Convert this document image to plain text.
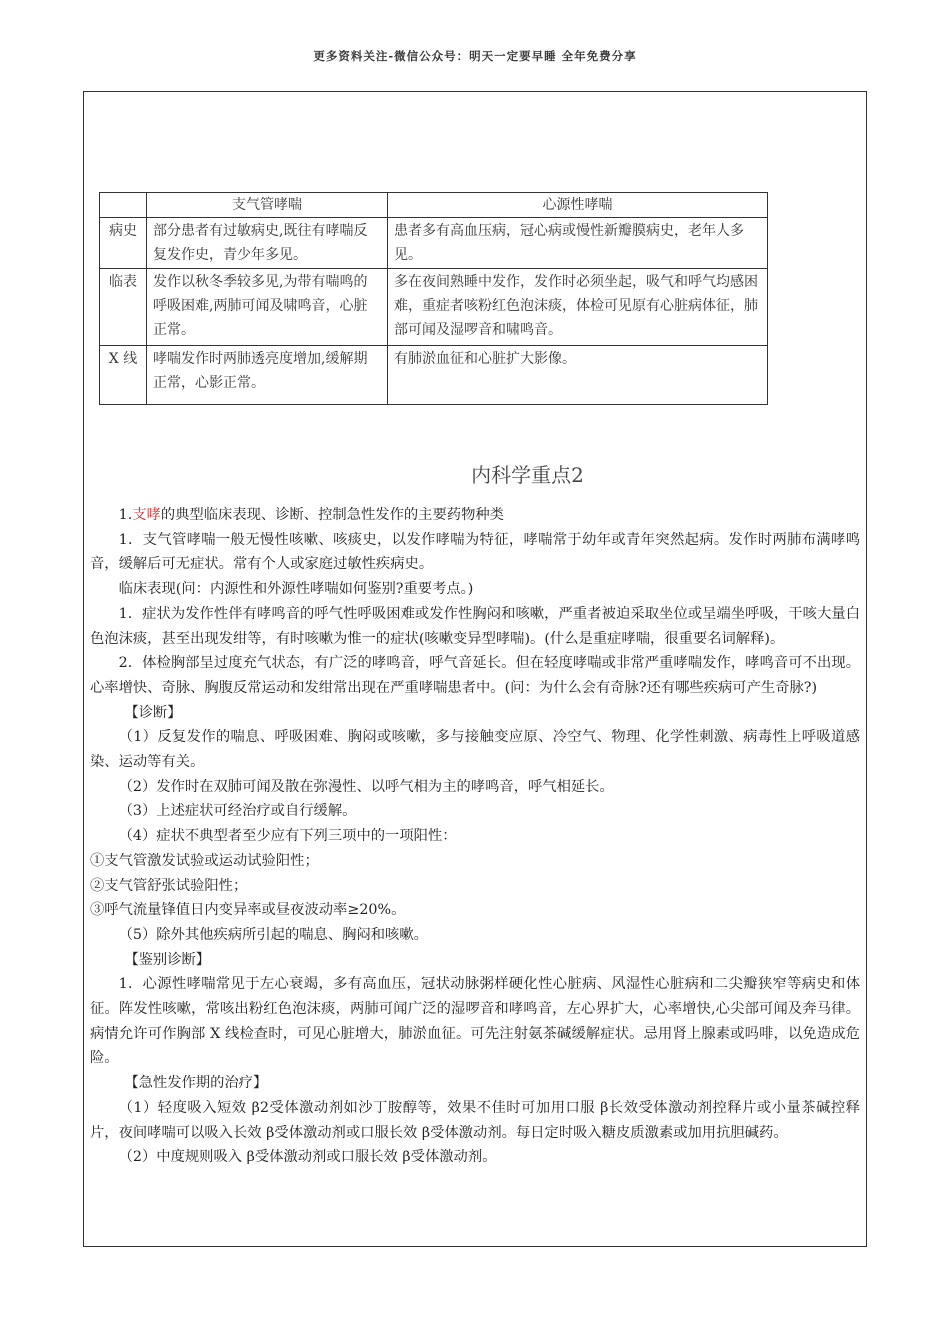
更多资料关注-微信公众号：明天一定要早睡 全年免费分享
	支气管哮喘	心源性哮喘
病史	部分患者有过敏病史,既往有哮喘反复发作史，青少年多见。	患者多有高血压病，冠心病或慢性新瓣膜病史，老年人多见。
临表	发作以秋冬季较多见,为带有喘鸣的呼吸困难,两肺可闻及啸鸣音，心脏正常。	多在夜间熟睡中发作，发作时必须坐起，吸气和呼气均感困难，重症者咳粉红色泡沫痰，体检可见原有心脏病体征，肺部可闻及湿啰音和啸鸣音。
X 线	哮喘发作时两肺透亮度增加,缓解期正常，心影正常。	有肺淤血征和心脏扩大影像。
内科学重点2

1.支哮的典型临床表现、诊断、控制急性发作的主要药物种类

1．支气管哮喘一般无慢性咳嗽、咳痰史，以发作哮喘为特征，哮喘常于幼年或青年突然起病。发作时两肺布满哮鸣音，缓解后可无症状。常有个人或家庭过敏性疾病史。

临床表现(问：内源性和外源性哮喘如何鉴别?重要考点。)

1．症状为发作性伴有哮鸣音的呼气性呼吸困难或发作性胸闷和咳嗽，严重者被迫采取坐位或呈端坐呼吸，干咳大量白色泡沫痰，甚至出现发绀等，有时咳嗽为惟一的症状(咳嗽变异型哮喘)。(什么是重症哮喘，很重要名词解释)。

2．体检胸部呈过度充气状态，有广泛的哮鸣音，呼气音延长。但在轻度哮喘或非常严重哮喘发作，哮鸣音可不出现。心率增快、奇脉、胸腹反常运动和发绀常出现在严重哮喘患者中。(问：为什么会有奇脉?还有哪些疾病可产生奇脉?)

【诊断】

（1）反复发作的喘息、呼吸困难、胸闷或咳嗽，多与接触变应原、冷空气、物理、化学性刺激、病毒性上呼吸道感染、运动等有关。

（2）发作时在双肺可闻及散在弥漫性、以呼气相为主的哮鸣音，呼气相延长。

（3）上述症状可经治疗或自行缓解。

（4）症状不典型者至少应有下列三项中的一项阳性：

①支气管激发试验或运动试验阳性；

②支气管舒张试验阳性；

③呼气流量锋值日内变异率或昼夜波动率≥20%。

（5）除外其他疾病所引起的喘息、胸闷和咳嗽。

【鉴别诊断】

1．心源性哮喘常见于左心衰竭，多有高血压，冠状动脉粥样硬化性心脏病、风湿性心脏病和二尖瓣狭窄等病史和体征。阵发性咳嗽，常咳出粉红色泡沫痰，两肺可闻广泛的湿啰音和哮鸣音，左心界扩大，心率增快,心尖部可闻及奔马律。病情允许可作胸部 X 线检查时，可见心脏增大，肺淤血征。可先注射氨茶碱缓解症状。忌用肾上腺素或吗啡，以免造成危险。

【急性发作期的治疗】

（1）轻度吸入短效 β2受体激动剂如沙丁胺醇等，效果不佳时可加用口服 β长效受体激动剂控释片或小量茶碱控释片，夜间哮喘可以吸入长效 β受体激动剂或口服长效 β受体激动剂。每日定时吸入糖皮质激素或加用抗胆碱药。

（2）中度规则吸入 β受体激动剂或口服长效 β受体激动剂。
